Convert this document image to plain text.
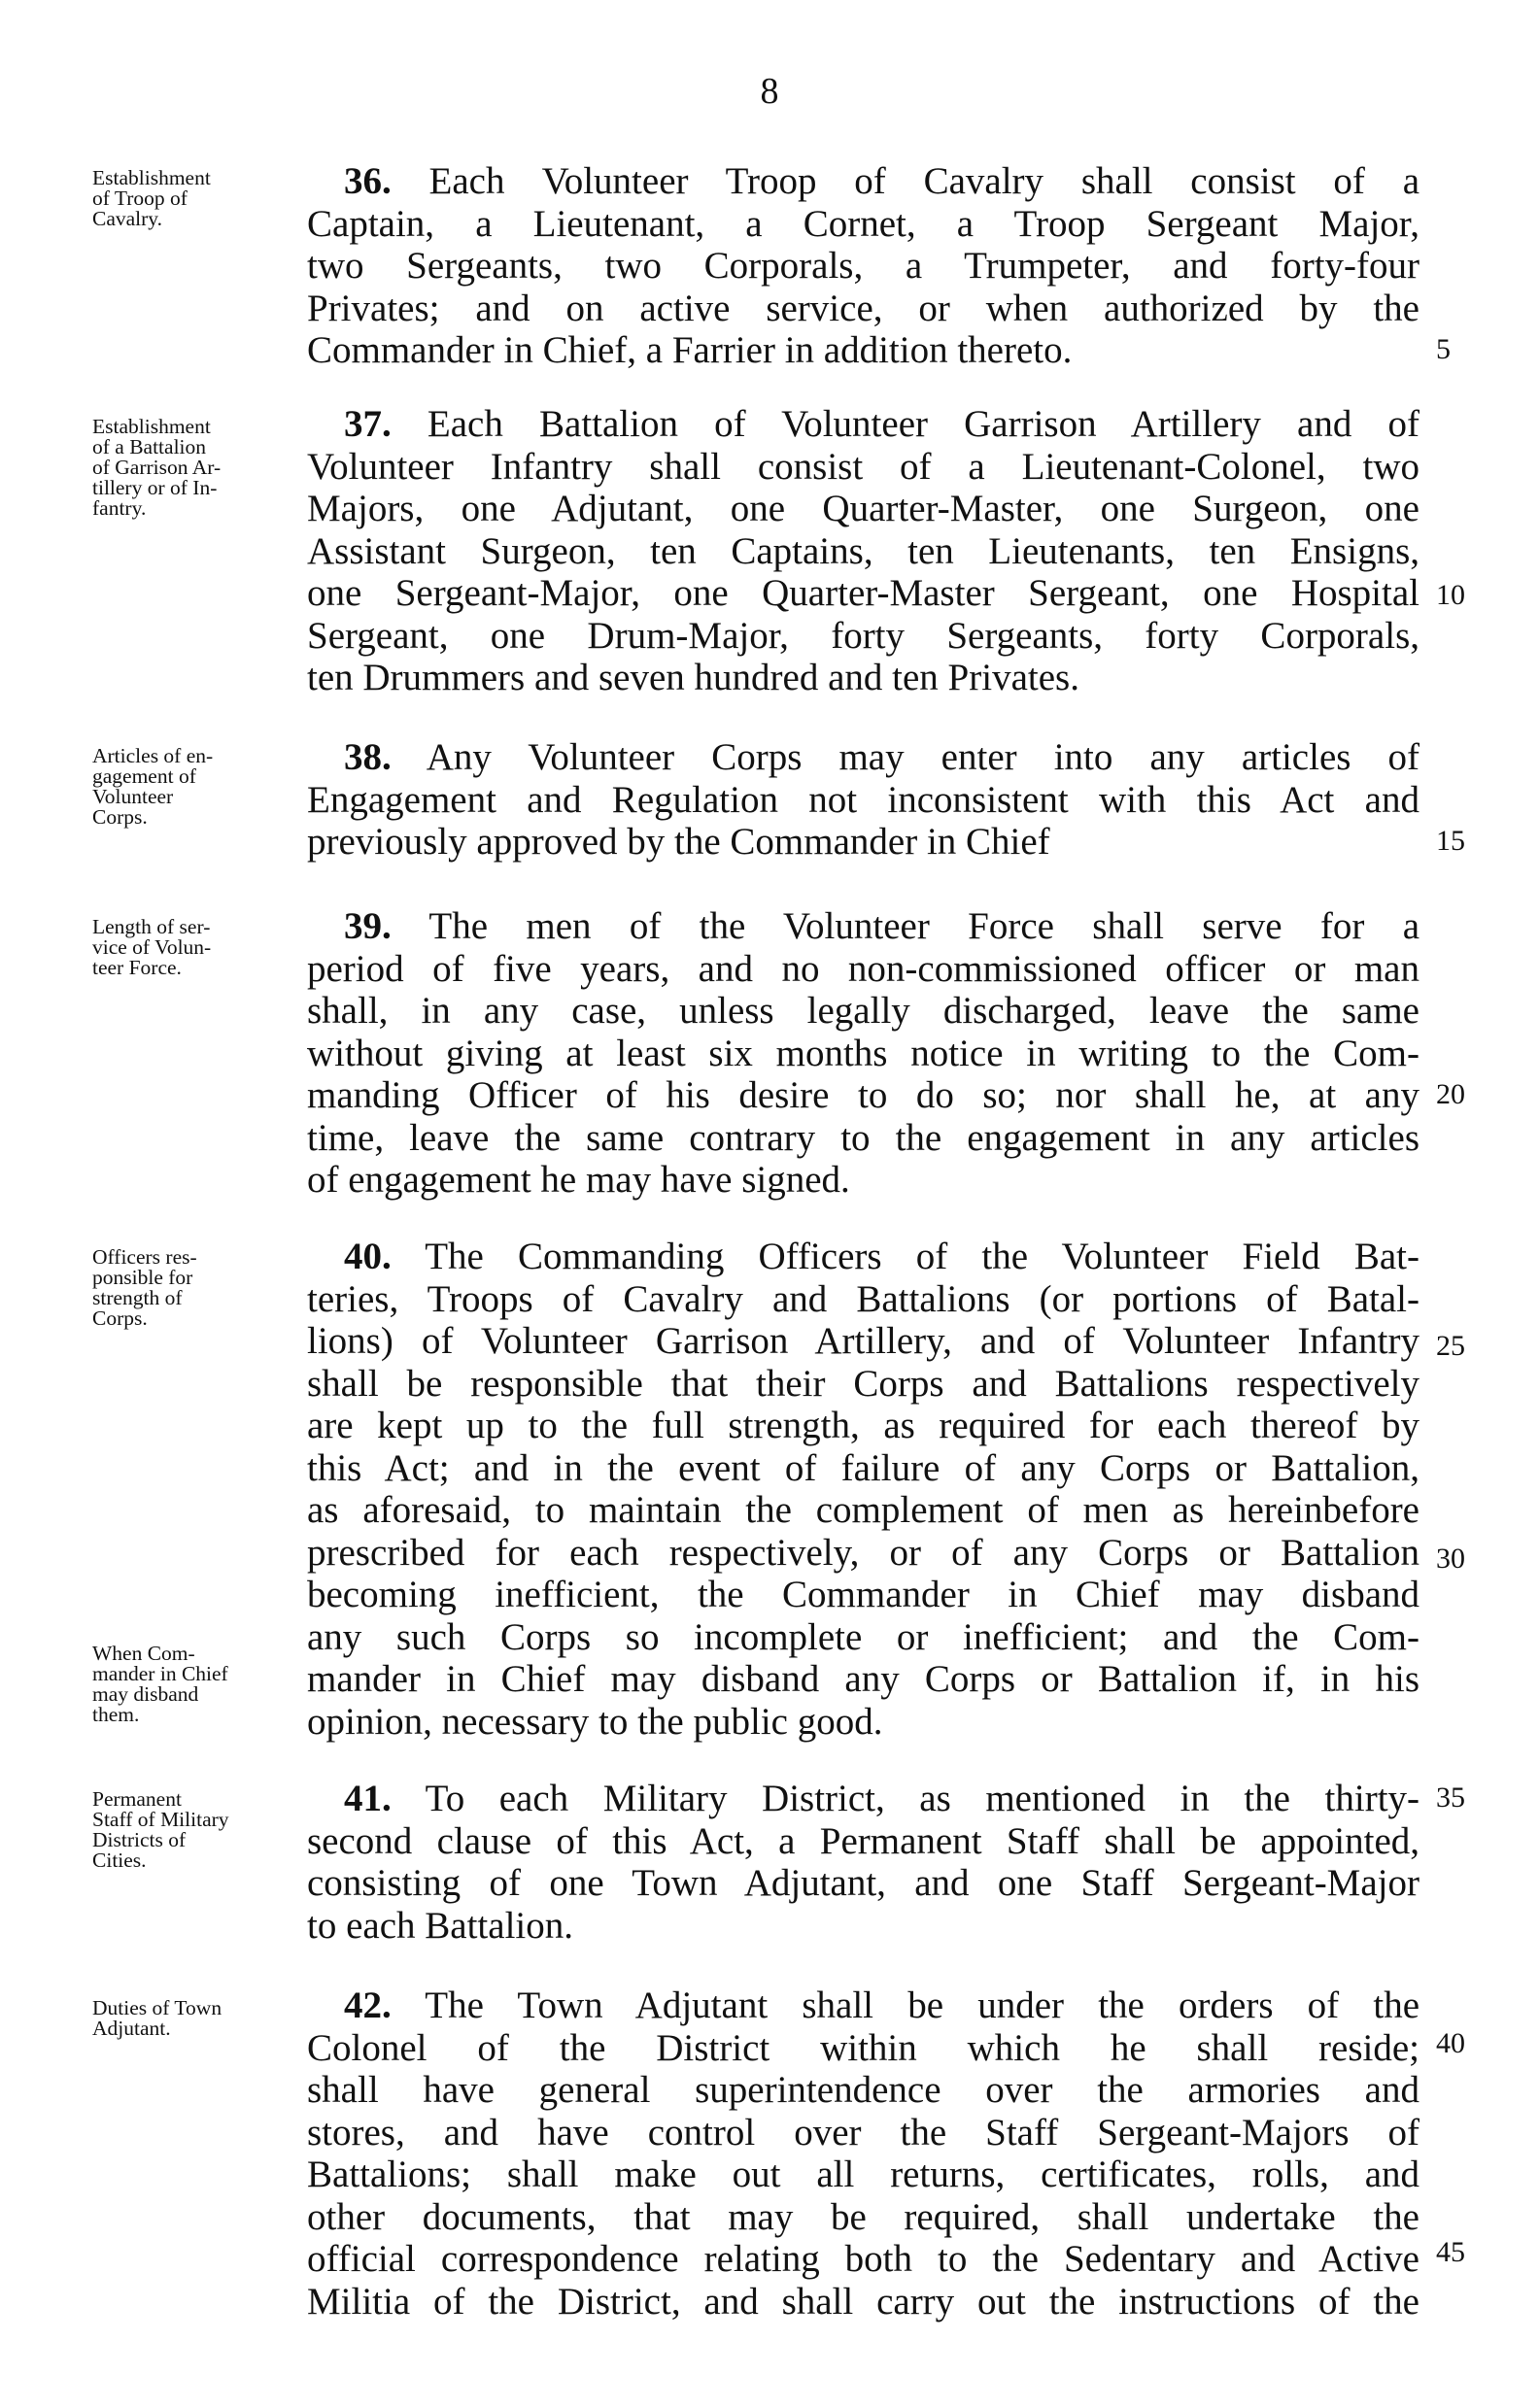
8
Establishment
of Troop of
Cavalry.
36. Each Volunteer Troop of Cavalry shall consist of a
Captain, a Lieutenant, a Cornet, a Troop Sergeant Major,
two Sergeants, two Corporals, a Trumpeter, and forty-four
Privates; and on active service, or when authorized by the
Commander in Chief, a Farrier in addition thereto.
Establishment
of a Battalion
of Garrison Ar-
tillery or of In-
fantry.
37. Each Battalion of Volunteer Garrison Artillery and of
Volunteer Infantry shall consist of a Lieutenant-Colonel, two
Majors, one Adjutant, one Quarter-Master, one Surgeon, one
Assistant Surgeon, ten Captains, ten Lieutenants, ten Ensigns,
one Sergeant-Major, one Quarter-Master Sergeant, one Hospital
Sergeant, one Drum-Major, forty Sergeants, forty Corporals,
ten Drummers and seven hundred and ten Privates.
Articles of en-
gagement of
Volunteer
Corps.
38. Any Volunteer Corps may enter into any articles of
Engagement and Regulation not inconsistent with this Act and
previously approved by the Commander in Chief
Length of ser-
vice of Volun-
teer Force.
39. The men of the Volunteer Force shall serve for a
period of five years, and no non-commissioned officer or man
shall, in any case, unless legally discharged, leave the same
without giving at least six months notice in writing to the Com-
manding Officer of his desire to do so; nor shall he, at any
time, leave the same contrary to the engagement in any articles
of engagement he may have signed.
Officers res-
ponsible for
strength of
Corps.
When Com-
mander in Chief
may disband
them.
40. The Commanding Officers of the Volunteer Field Bat-
teries, Troops of Cavalry and Battalions (or portions of Batal-
lions) of Volunteer Garrison Artillery, and of Volunteer Infantry
shall be responsible that their Corps and Battalions respectively
are kept up to the full strength, as required for each thereof by
this Act; and in the event of failure of any Corps or Battalion,
as aforesaid, to maintain the complement of men as hereinbefore
prescribed for each respectively, or of any Corps or Battalion
becoming inefficient, the Commander in Chief may disband
any such Corps so incomplete or inefficient; and the Com-
mander in Chief may disband any Corps or Battalion if, in his
opinion, necessary to the public good.
Permanent
Staff of Military
Districts of
Cities.
41. To each Military District, as mentioned in the thirty-
second clause of this Act, a Permanent Staff shall be appointed,
consisting of one Town Adjutant, and one Staff Sergeant-Major
to each Battalion.
Duties of Town
Adjutant.
42. The Town Adjutant shall be under the orders of the
Colonel of the District within which he shall reside;
shall have general superintendence over the armories and
stores, and have control over the Staff Sergeant-Majors of
Battalions; shall make out all returns, certificates, rolls, and
other documents, that may be required, shall undertake the
official correspondence relating both to the Sedentary and Active
Militia of the District, and shall carry out the instructions of the
5
10
15
20
25
30
35
40
45
